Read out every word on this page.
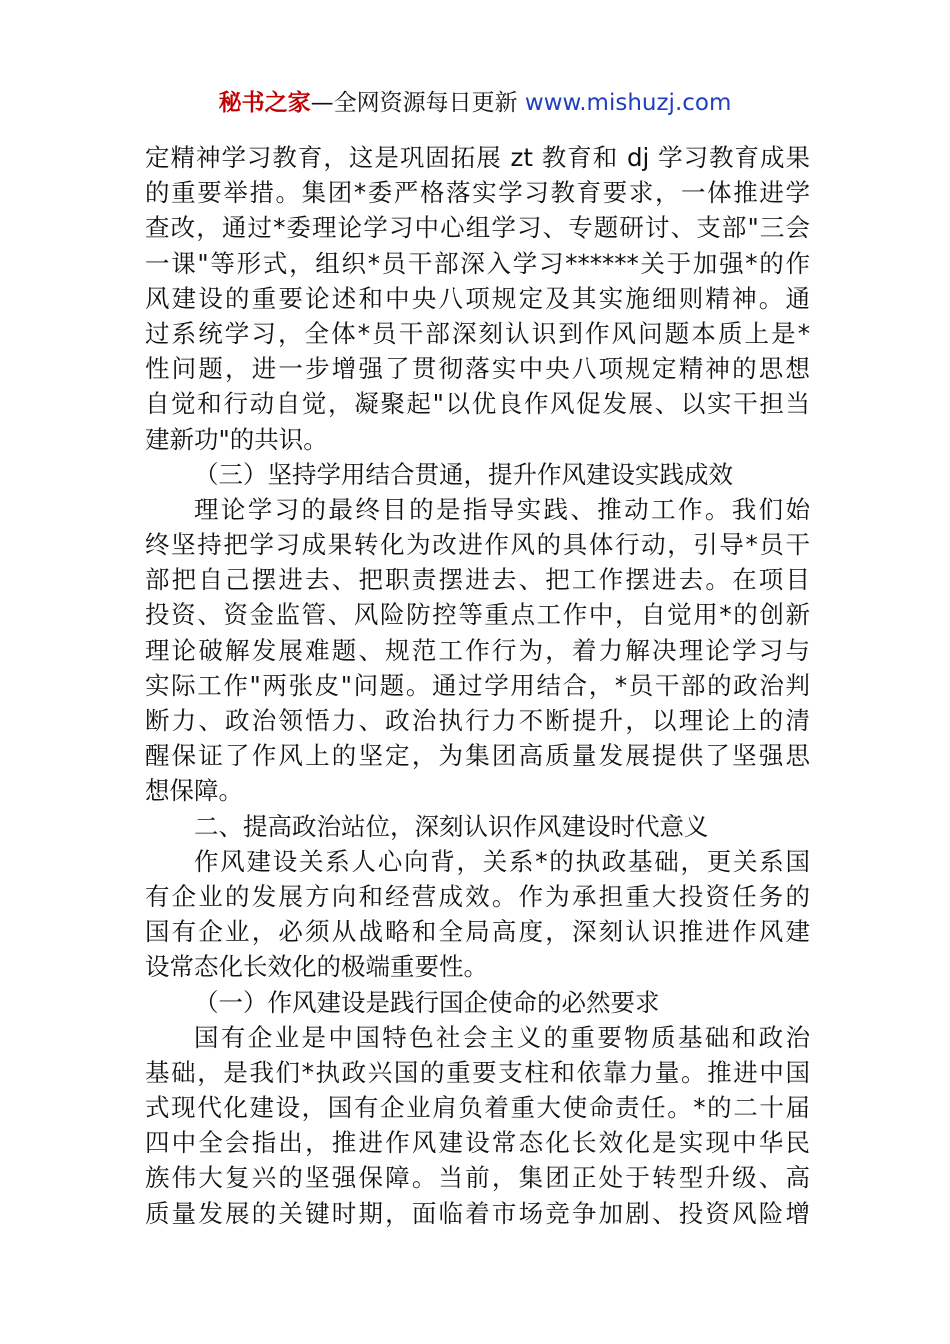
秘书之家—全网资源每日更新 www.mishuzj.com
定精神学习教育，这是巩固拓展 zt 教育和 dj 学习教育成果
的重要举措。集团*委严格落实学习教育要求，一体推进学
查改，通过*委理论学习中心组学习、专题研讨、支部"三会
一课"等形式，组织*员干部深入学习******关于加强*的作
风建设的重要论述和中央八项规定及其实施细则精神。通
过系统学习，全体*员干部深刻认识到作风问题本质上是*
性问题，进一步增强了贯彻落实中央八项规定精神的思想
自觉和行动自觉，凝聚起"以优良作风促发展、以实干担当
建新功"的共识。
（三）坚持学用结合贯通，提升作风建设实践成效
理论学习的最终目的是指导实践、推动工作。我们始
终坚持把学习成果转化为改进作风的具体行动，引导*员干
部把自己摆进去、把职责摆进去、把工作摆进去。在项目
投资、资金监管、风险防控等重点工作中，自觉用*的创新
理论破解发展难题、规范工作行为，着力解决理论学习与
实际工作"两张皮"问题。通过学用结合，*员干部的政治判
断力、政治领悟力、政治执行力不断提升，以理论上的清
醒保证了作风上的坚定，为集团高质量发展提供了坚强思
想保障。
二、提高政治站位，深刻认识作风建设时代意义
作风建设关系人心向背，关系*的执政基础，更关系国
有企业的发展方向和经营成效。作为承担重大投资任务的
国有企业，必须从战略和全局高度，深刻认识推进作风建
设常态化长效化的极端重要性。
（一）作风建设是践行国企使命的必然要求
国有企业是中国特色社会主义的重要物质基础和政治
基础，是我们*执政兴国的重要支柱和依靠力量。推进中国
式现代化建设，国有企业肩负着重大使命责任。*的二十届
四中全会指出，推进作风建设常态化长效化是实现中华民
族伟大复兴的坚强保障。当前，集团正处于转型升级、高
质量发展的关键时期，面临着市场竞争加剧、投资风险增
